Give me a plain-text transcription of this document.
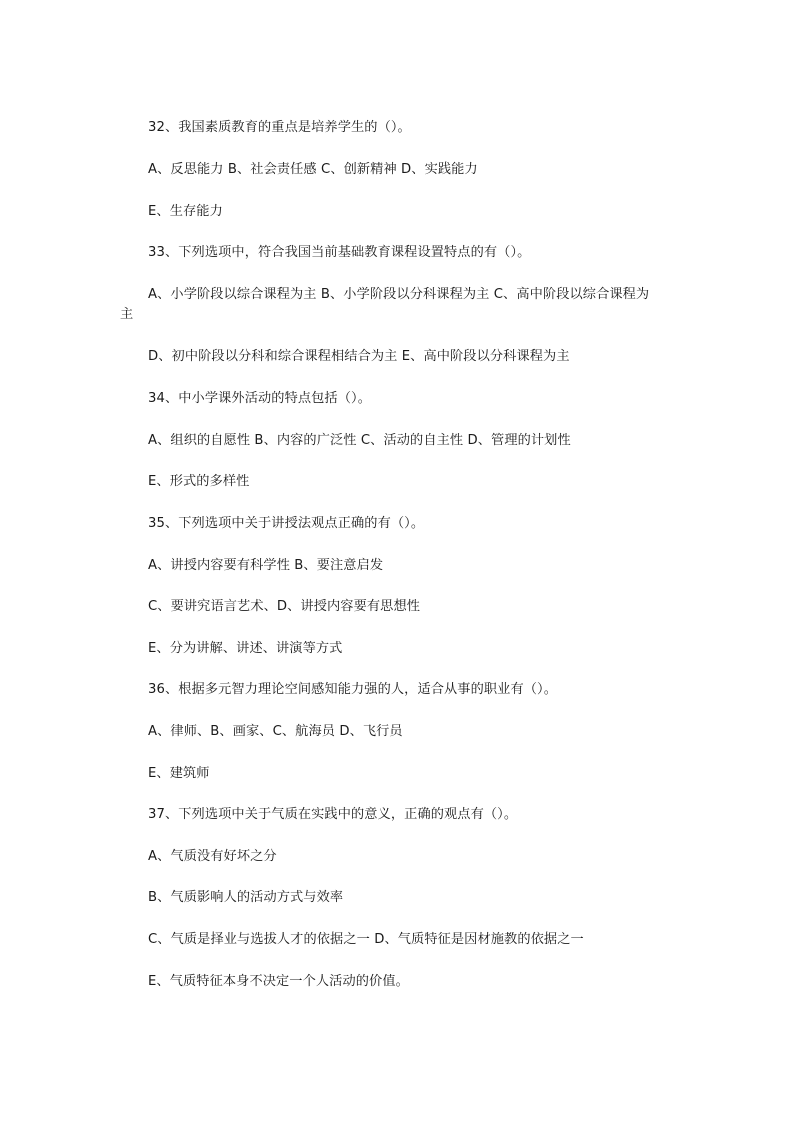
32、我国素质教育的重点是培养学生的（）。
A、反思能力 B、社会责任感 C、创新精神 D、实践能力
E、生存能力
33、下列选项中，符合我国当前基础教育课程设置特点的有（）。
A、小学阶段以综合课程为主 B、小学阶段以分科课程为主 C、高中阶段以综合课程为
主
D、初中阶段以分科和综合课程相结合为主 E、高中阶段以分科课程为主
34、中小学课外活动的特点包括（）。
A、组织的自愿性 B、内容的广泛性 C、活动的自主性 D、管理的计划性
E、形式的多样性
35、下列选项中关于讲授法观点正确的有（）。
A、讲授内容要有科学性 B、要注意启发
C、要讲究语言艺术、D、讲授内容要有思想性
E、分为讲解、讲述、讲演等方式
36、根据多元智力理论空间感知能力强的人，适合从事的职业有（）。
A、律师、B、画家、C、航海员 D、飞行员
E、建筑师
37、下列选项中关于气质在实践中的意义，正确的观点有（）。
A、气质没有好坏之分
B、气质影响人的活动方式与效率
C、气质是择业与选拔人才的依据之一 D、气质特征是因材施教的依据之一
E、气质特征本身不决定一个人活动的价值。
